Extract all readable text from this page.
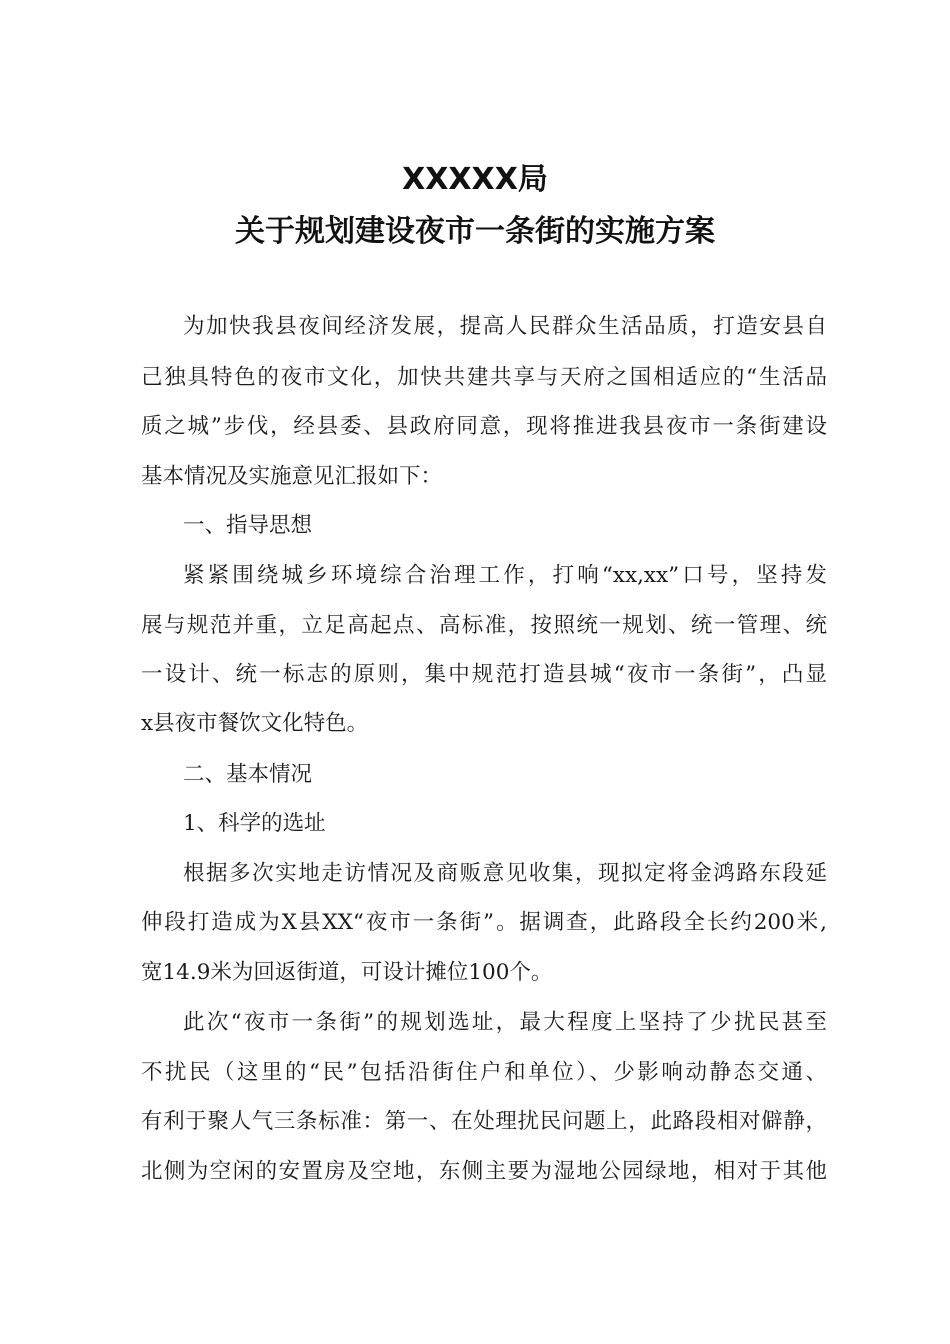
XXXXX局
关于规划建设夜市一条街的实施方案
为加快我县夜间经济发展，提高人民群众生活品质，打造安县自
己独具特色的夜市文化，加快共建共享与天府之国相适应的“生活品
质之城”步伐，经县委、县政府同意，现将推进我县夜市一条街建设
基本情况及实施意见汇报如下：
一、指导思想
紧紧围绕城乡环境综合治理工作，打响“xx,xx”口号，坚持发
展与规范并重，立足高起点、高标准，按照统一规划、统一管理、统
一设计、统一标志的原则，集中规范打造县城“夜市一条街”，凸显
x县夜市餐饮文化特色。
二、基本情况
1、科学的选址
根据多次实地走访情况及商贩意见收集，现拟定将金鸿路东段延
伸段打造成为X县XX“夜市一条街”。据调查，此路段全长约200米,
宽14.9米为回返街道，可设计摊位100个。
此次“夜市一条街”的规划选址，最大程度上坚持了少扰民甚至
不扰民（这里的“民”包括沿街住户和单位）、少影响动静态交通、
有利于聚人气三条标准：第一、在处理扰民问题上，此路段相对僻静，
北侧为空闲的安置房及空地，东侧主要为湿地公园绿地，相对于其他
